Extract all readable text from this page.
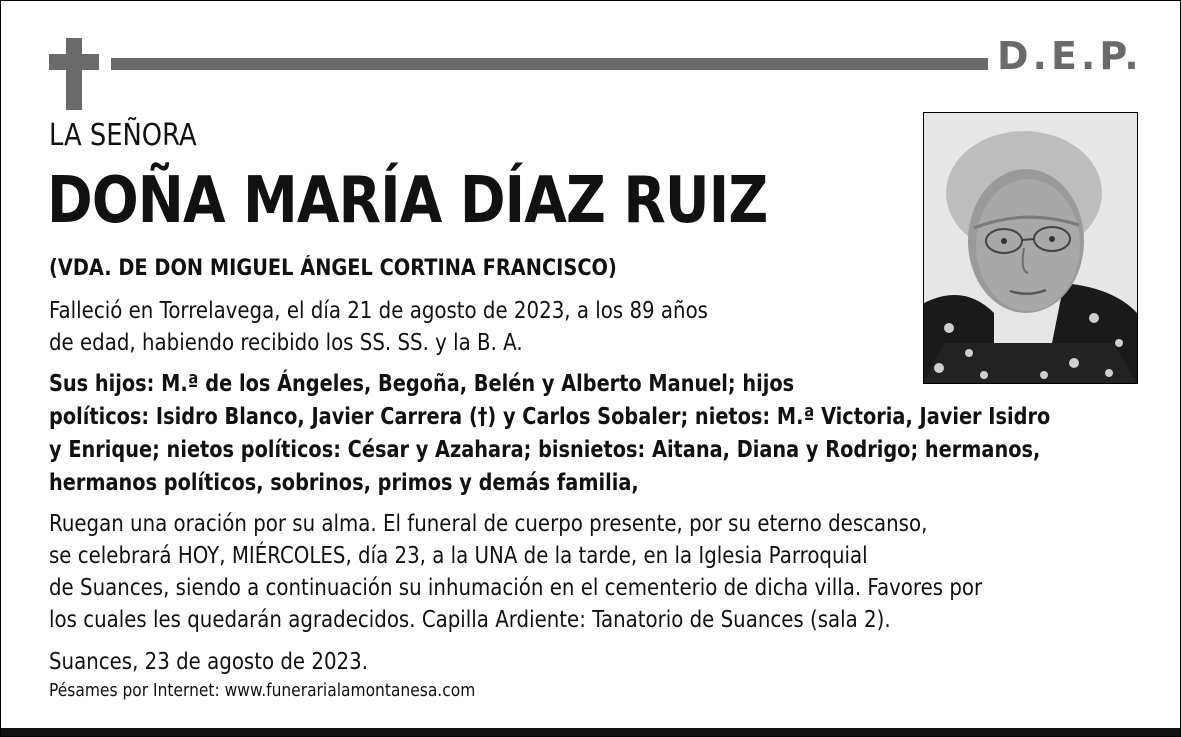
D.E.P.
LA SEÑORA
DOÑA MARÍA DÍAZ RUIZ
(VDA. DE DON MIGUEL ÁNGEL CORTINA FRANCISCO)
Falleció en Torrelavega, el día 21 de agosto de 2023, a los 89 años
de edad, habiendo recibido los SS. SS. y la B. A.
Sus hijos: M.ª de los Ángeles, Begoña, Belén y Alberto Manuel; hijos
políticos: Isidro Blanco, Javier Carrera (†) y Carlos Sobaler; nietos: M.ª Victoria, Javier Isidro
y Enrique; nietos políticos: César y Azahara; bisnietos: Aitana, Diana y Rodrigo; hermanos,
hermanos políticos, sobrinos, primos y demás familia,
Ruegan una oración por su alma. El funeral de cuerpo presente, por su eterno descanso,
se celebrará HOY, MIÉRCOLES, día 23, a la UNA de la tarde, en la Iglesia Parroquial
de Suances, siendo a continuación su inhumación en el cementerio de dicha villa. Favores por
los cuales les quedarán agradecidos. Capilla Ardiente: Tanatorio de Suances (sala 2).
Suances, 23 de agosto de 2023.
Pésames por Internet: www.funerarialamontanesa.com
